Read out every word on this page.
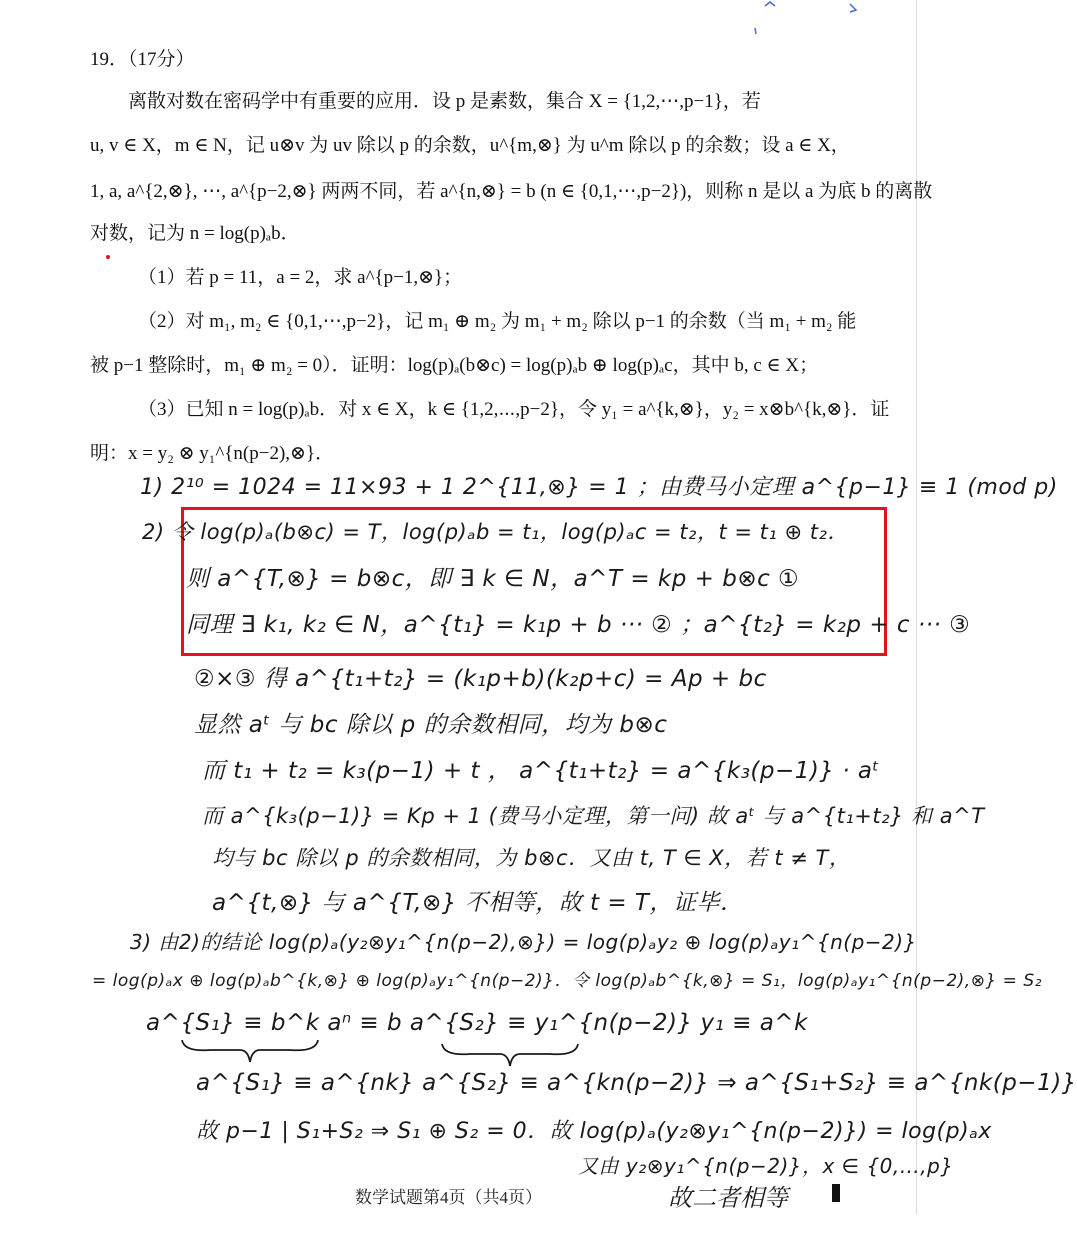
19．（17分）
离散对数在密码学中有重要的应用．设 p 是素数，集合 X = {1,2,⋯,p−1}，若
u, v ∈ X，m ∈ N，记 u⊗v 为 uv 除以 p 的余数，u^{m,⊗} 为 u^m 除以 p 的余数；设 a ∈ X，
1, a, a^{2,⊗}, ⋯, a^{p−2,⊗} 两两不同，若 a^{n,⊗} = b (n ∈ {0,1,⋯,p−2})，则称 n 是以 a 为底 b 的离散
对数，记为 n = log(p)ₐb．
（1）若 p = 11，a = 2，求 a^{p−1,⊗}；
（2）对 m₁, m₂ ∈ {0,1,⋯,p−2}，记 m₁ ⊕ m₂ 为 m₁ + m₂ 除以 p−1 的余数（当 m₁ + m₂ 能
被 p−1 整除时，m₁ ⊕ m₂ = 0）．证明：log(p)ₐ(b⊗c) = log(p)ₐb ⊕ log(p)ₐc，其中 b, c ∈ X；
（3）已知 n = log(p)ₐb．对 x ∈ X，k ∈ {1,2,⋯,p−2}，令 y₁ = a^{k,⊗}，y₂ = x⊗b^{k,⊗}．证
明：x = y₂ ⊗ y₁^{n(p−2),⊗}．
1) 2¹⁰ = 1024 = 11×93 + 1 2^{11,⊗} = 1 ；由费马小定理 a^{p−1} ≡ 1 (mod p)
2) 令 log(p)ₐ(b⊗c) = T，log(p)ₐb = t₁，log(p)ₐc = t₂，t = t₁ ⊕ t₂．
则 a^{T,⊗} = b⊗c，即 ∃ k ∈ N，a^T = kp + b⊗c ①
同理 ∃ k₁, k₂ ∈ N，a^{t₁} = k₁p + b ··· ② ；a^{t₂} = k₂p + c ··· ③
②×③ 得 a^{t₁+t₂} = (k₁p+b)(k₂p+c) = Ap + bc
显然 aᵗ 与 bc 除以 p 的余数相同，均为 b⊗c
而 t₁ + t₂ = k₃(p−1) + t ， a^{t₁+t₂} = a^{k₃(p−1)} · aᵗ
而 a^{k₃(p−1)} = Kp + 1 (费马小定理，第一问) 故 aᵗ 与 a^{t₁+t₂} 和 a^T
均与 bc 除以 p 的余数相同，为 b⊗c．又由 t, T ∈ X，若 t ≠ T，
a^{t,⊗} 与 a^{T,⊗} 不相等，故 t = T，证毕．
3) 由2)的结论 log(p)ₐ(y₂⊗y₁^{n(p−2),⊗}) = log(p)ₐy₂ ⊕ log(p)ₐy₁^{n(p−2)}
= log(p)ₐx ⊕ log(p)ₐb^{k,⊗} ⊕ log(p)ₐy₁^{n(p−2)}．令 log(p)ₐb^{k,⊗} = S₁，log(p)ₐy₁^{n(p−2),⊗} = S₂
a^{S₁} ≡ b^k aⁿ ≡ b a^{S₂} ≡ y₁^{n(p−2)} y₁ ≡ a^k
a^{S₁} ≡ a^{nk} a^{S₂} ≡ a^{kn(p−2)} ⇒ a^{S₁+S₂} ≡ a^{nk(p−1)}
故 p−1 | S₁+S₂ ⇒ S₁ ⊕ S₂ = 0．故 log(p)ₐ(y₂⊗y₁^{n(p−2)}) = log(p)ₐx
又由 y₂⊗y₁^{n(p−2)}，x ∈ {0,…,p}
数学试题第4页（共4页）	故二者相等
